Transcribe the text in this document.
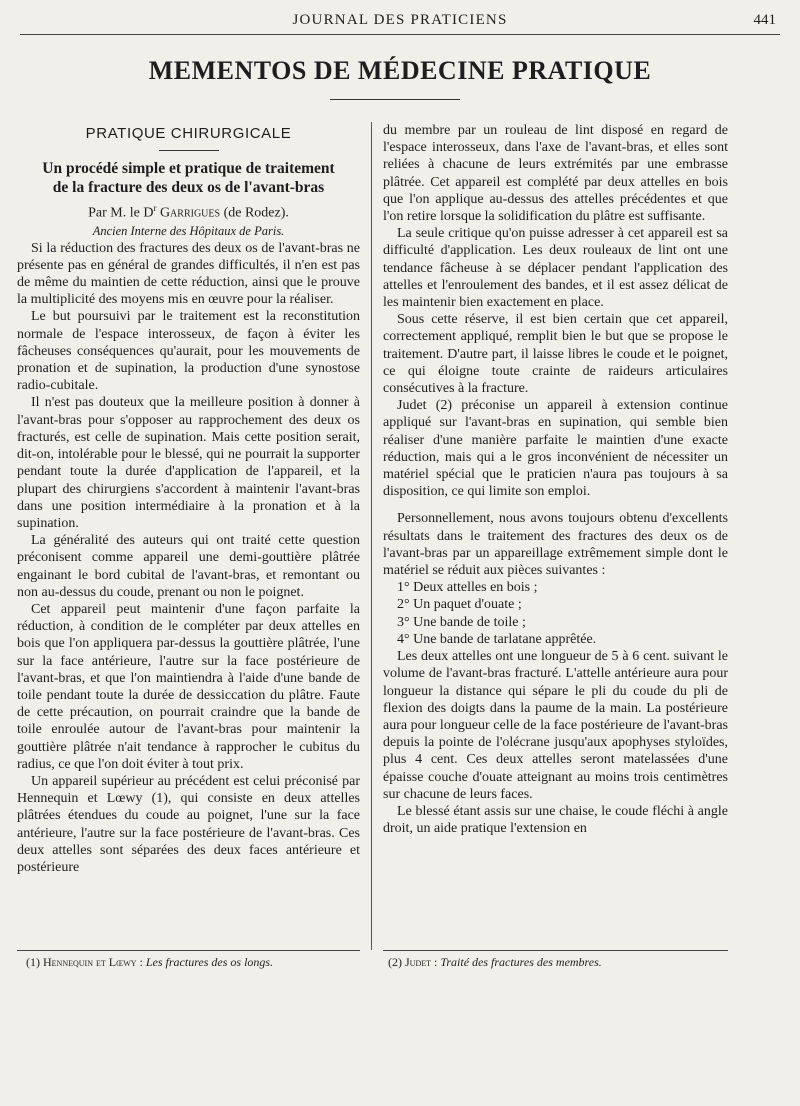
JOURNAL DES PRATICIENS	441
MEMENTOS DE MÉDECINE PRATIQUE
PRATIQUE CHIRURGICALE
Un procédé simple et pratique de traitement
de la fracture des deux os de l'avant-bras
Par M. le $D^r$ Garrigues (de Rodez).
Ancien Interne des Hôpitaux de Paris.

Si la réduction des fractures des deux os de l'avant-bras ne présente pas en général de grandes difficultés, il n'en est pas de même du maintien de cette réduction, ainsi que le prouve la multiplicité des moyens mis en œuvre pour la réaliser.

Le but poursuivi par le traitement est la reconstitution normale de l'espace interosseux, de façon à éviter les fâcheuses conséquences qu'aurait, pour les mouvements de pronation et de supination, la production d'une synostose radio-cubitale.

Il n'est pas douteux que la meilleure position à donner à l'avant-bras pour s'opposer au rapprochement des deux os fracturés, est celle de supination. Mais cette position serait, dit-on, intolérable pour le blessé, qui ne pourrait la supporter pendant toute la durée d'application de l'appareil, et la plupart des chirurgiens s'accordent à maintenir l'avant-bras dans une position intermédiaire à la pronation et à la supination.

La généralité des auteurs qui ont traité cette question préconisent comme appareil une demi-gouttière plâtrée engainant le bord cubital de l'avant-bras, et remontant ou non au-dessus du coude, prenant ou non le poignet.

Cet appareil peut maintenir d'une façon parfaite la réduction, à condition de le compléter par deux attelles en bois que l'on appliquera par-dessus la gouttière plâtrée, l'une sur la face antérieure, l'autre sur la face postérieure de l'avant-bras, et que l'on maintiendra à l'aide d'une bande de toile pendant toute la durée de dessiccation du plâtre. Faute de cette précaution, on pourrait craindre que la bande de toile enroulée autour de l'avant-bras pour maintenir la gouttière plâtrée n'ait tendance à rapprocher le cubitus du radius, ce que l'on doit éviter à tout prix.

Un appareil supérieur au précédent est celui préconisé par Hennequin et Lœwy (1), qui consiste en deux attelles plâtrées étendues du coude au poignet, l'une sur la face antérieure, l'autre sur la face postérieure de l'avant-bras. Ces deux attelles sont séparées des deux faces antérieure et postérieure

du membre par un rouleau de lint disposé en regard de l'espace interosseux, dans l'axe de l'avant-bras, et elles sont reliées à chacune de leurs extrémités par une embrasse plâtrée. Cet appareil est complété par deux attelles en bois que l'on applique au-dessus des attelles précédentes et que l'on retire lorsque la solidification du plâtre est suffisante.

La seule critique qu'on puisse adresser à cet appareil est sa difficulté d'application. Les deux rouleaux de lint ont une tendance fâcheuse à se déplacer pendant l'application des attelles et l'enroulement des bandes, et il est assez délicat de les maintenir bien exactement en place.

Sous cette réserve, il est bien certain que cet appareil, correctement appliqué, remplit bien le but que se propose le traitement. D'autre part, il laisse libres le coude et le poignet, ce qui éloigne toute crainte de raideurs articulaires consécutives à la fracture.

Judet (2) préconise un appareil à extension continue appliqué sur l'avant-bras en supination, qui semble bien réaliser d'une manière parfaite le maintien d'une exacte réduction, mais qui a le gros inconvénient de nécessiter un matériel spécial que le praticien n'aura pas toujours à sa disposition, ce qui limite son emploi.

Personnellement, nous avons toujours obtenu d'excellents résultats dans le traitement des fractures des deux os de l'avant-bras par un appareillage extrêmement simple dont le matériel se réduit aux pièces suivantes :

1° Deux attelles en bois ;

2° Un paquet d'ouate ;

3° Une bande de toile ;

4° Une bande de tarlatane apprêtée.

Les deux attelles ont une longueur de 5 à 6 cent. suivant le volume de l'avant-bras fracturé. L'attelle antérieure aura pour longueur la distance qui sépare le pli du coude du pli de flexion des doigts dans la paume de la main. La postérieure aura pour longueur celle de la face postérieure de l'avant-bras depuis la pointe de l'olécrane jusqu'aux apophyses styloïdes, plus 4 cent. Ces deux attelles seront matelassées d'une épaisse couche d'ouate atteignant au moins trois centimètres sur chacune de leurs faces.

Le blessé étant assis sur une chaise, le coude fléchi à angle droit, un aide pratique l'extension en

(1) Hennequin et Lœwy : Les fractures des os longs.	(2) Judet : Traité des fractures des membres.
